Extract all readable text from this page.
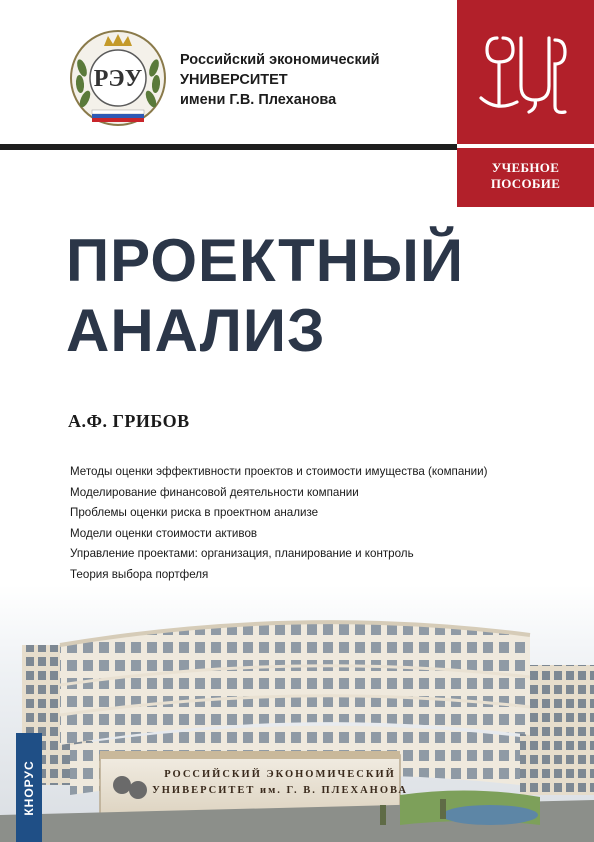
РЭУ
Российский экономический
УНИВЕРСИТЕТ
имени Г.В. Плеханова
УЧЕБНОЕ
ПОСОБИЕ
ПРОЕКТНЫЙ
АНАЛИЗ
А.Ф. ГРИБОВ
Методы оценки эффективности проектов и стоимости имущества (компании)
Моделирование финансовой деятельности компании
Проблемы оценки риска в проектном анализе
Модели оценки стоимости активов
Управление проектами: организация, планирование и контроль
Теория выбора портфеля
РОССИЙСКИЙ ЭКОНОМИЧЕСКИЙ
УНИВЕРСИТЕТ им. Г. В. ПЛЕХАНОВА
КНОРУС
